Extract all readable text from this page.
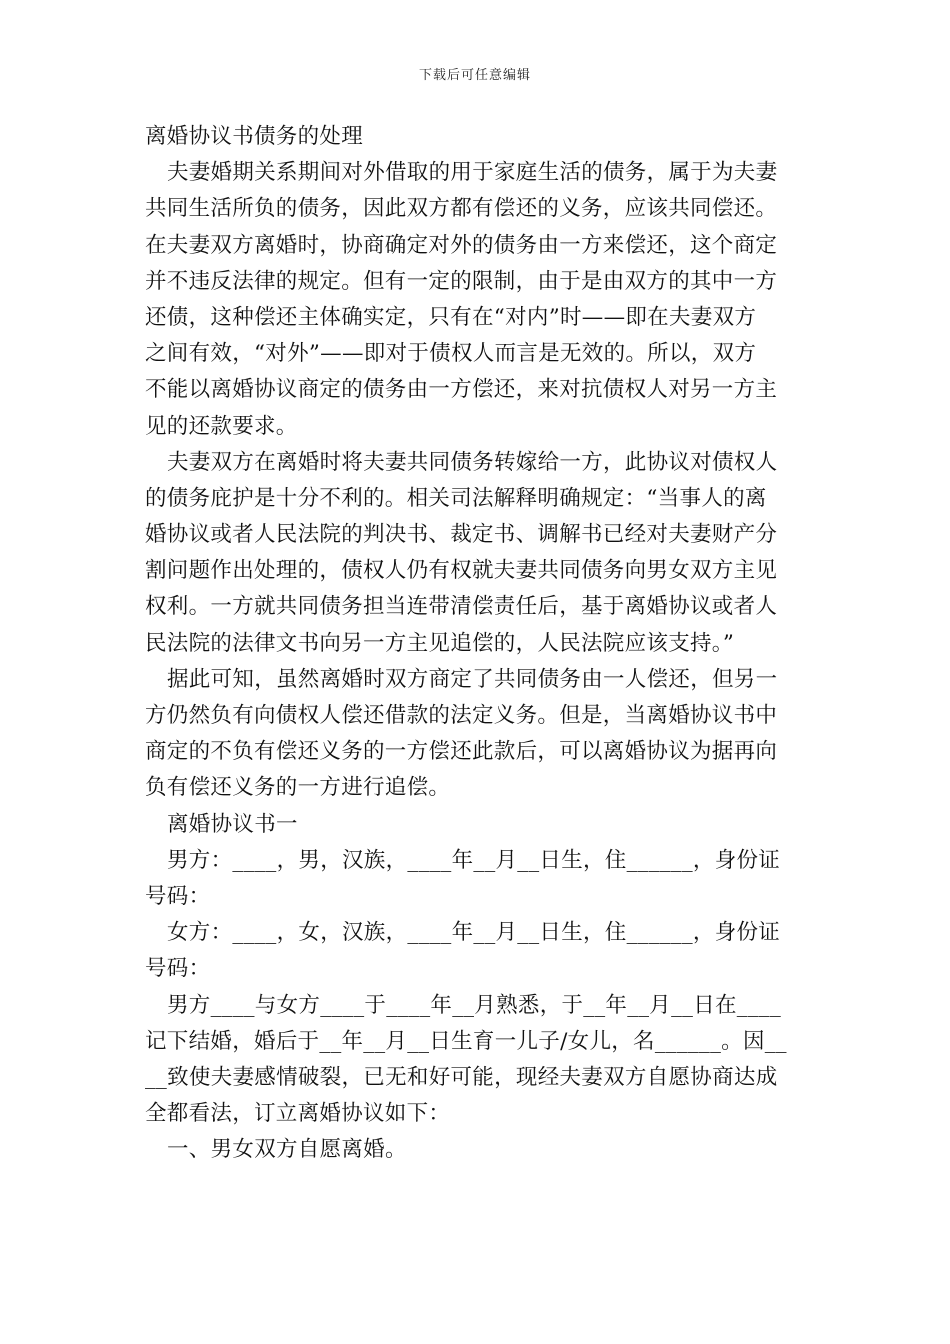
下载后可任意编辑
离婚协议书债务的处理
夫妻婚期关系期间对外借取的用于家庭生活的债务，属于为夫妻
共同生活所负的债务，因此双方都有偿还的义务，应该共同偿还。
在夫妻双方离婚时，协商确定对外的债务由一方来偿还，这个商定
并不违反法律的规定。但有一定的限制，由于是由双方的其中一方
还债，这种偿还主体确实定，只有在“对内”时——即在夫妻双方
之间有效，“对外”——即对于债权人而言是无效的。所以，双方
不能以离婚协议商定的债务由一方偿还，来对抗债权人对另一方主
见的还款要求。
夫妻双方在离婚时将夫妻共同债务转嫁给一方，此协议对债权人
的债务庇护是十分不利的。相关司法解释明确规定：“当事人的离
婚协议或者人民法院的判决书、裁定书、调解书已经对夫妻财产分
割问题作出处理的，债权人仍有权就夫妻共同债务向男女双方主见
权利。一方就共同债务担当连带清偿责任后，基于离婚协议或者人
民法院的法律文书向另一方主见追偿的，人民法院应该支持。”
据此可知，虽然离婚时双方商定了共同债务由一人偿还，但另一
方仍然负有向债权人偿还借款的法定义务。但是，当离婚协议书中
商定的不负有偿还义务的一方偿还此款后，可以离婚协议为据再向
负有偿还义务的一方进行追偿。
离婚协议书一
男方：____，男，汉族，____年__月__日生，住______，身份证
号码：
女方：____，女，汉族，____年__月__日生，住______，身份证
号码：
男方____与女方____于____年__月熟悉，于__年__月__日在____
记下结婚，婚后于__年__月__日生育一儿子/女儿，名______。因__
__致使夫妻感情破裂，已无和好可能，现经夫妻双方自愿协商达成
全都看法，订立离婚协议如下：
一、男女双方自愿离婚。
